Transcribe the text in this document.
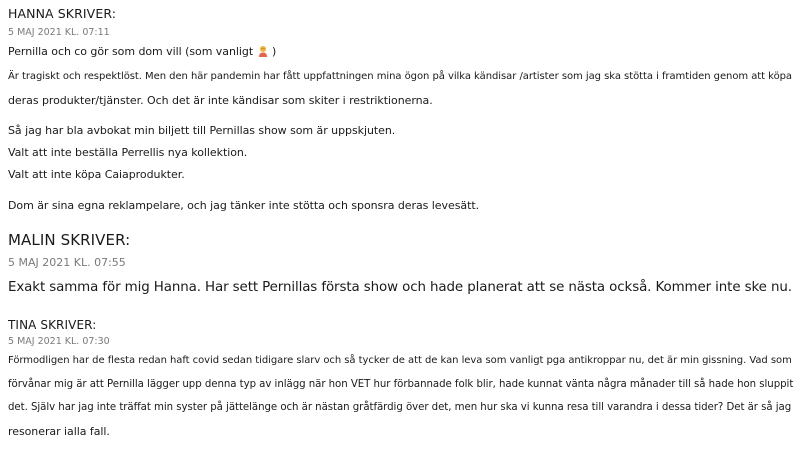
HANNA SKRIVER:
5 MAJ 2021 KL. 07:11
Pernilla och co gör som dom vill (som vanligt )
Är tragiskt och respektlöst. Men den här pandemin har fått uppfattningen mina ögon på vilka kändisar /artister som jag ska stötta i framtiden genom att köpa
deras produkter/tjänster. Och det är inte kändisar som skiter i restriktionerna.
Så jag har bla avbokat min biljett till Pernillas show som är uppskjuten.
Valt att inte beställa Perrellis nya kollektion.
Valt att inte köpa Caiaprodukter.
Dom är sina egna reklampelare, och jag tänker inte stötta och sponsra deras levesätt.
MALIN SKRIVER:
5 MAJ 2021 KL. 07:55
Exakt samma för mig Hanna. Har sett Pernillas första show och hade planerat att se nästa också. Kommer inte ske nu.
TINA SKRIVER:
5 MAJ 2021 KL. 07:30
Förmodligen har de flesta redan haft covid sedan tidigare slarv och så tycker de att de kan leva som vanligt pga antikroppar nu, det är min gissning. Vad som
förvånar mig är att Pernilla lägger upp denna typ av inlägg när hon VET hur förbannade folk blir, hade kunnat vänta några månader till så hade hon sluppit
det. Själv har jag inte träffat min syster på jättelänge och är nästan gråtfärdig över det, men hur ska vi kunna resa till varandra i dessa tider? Det är så jag
resonerar ialla fall.
